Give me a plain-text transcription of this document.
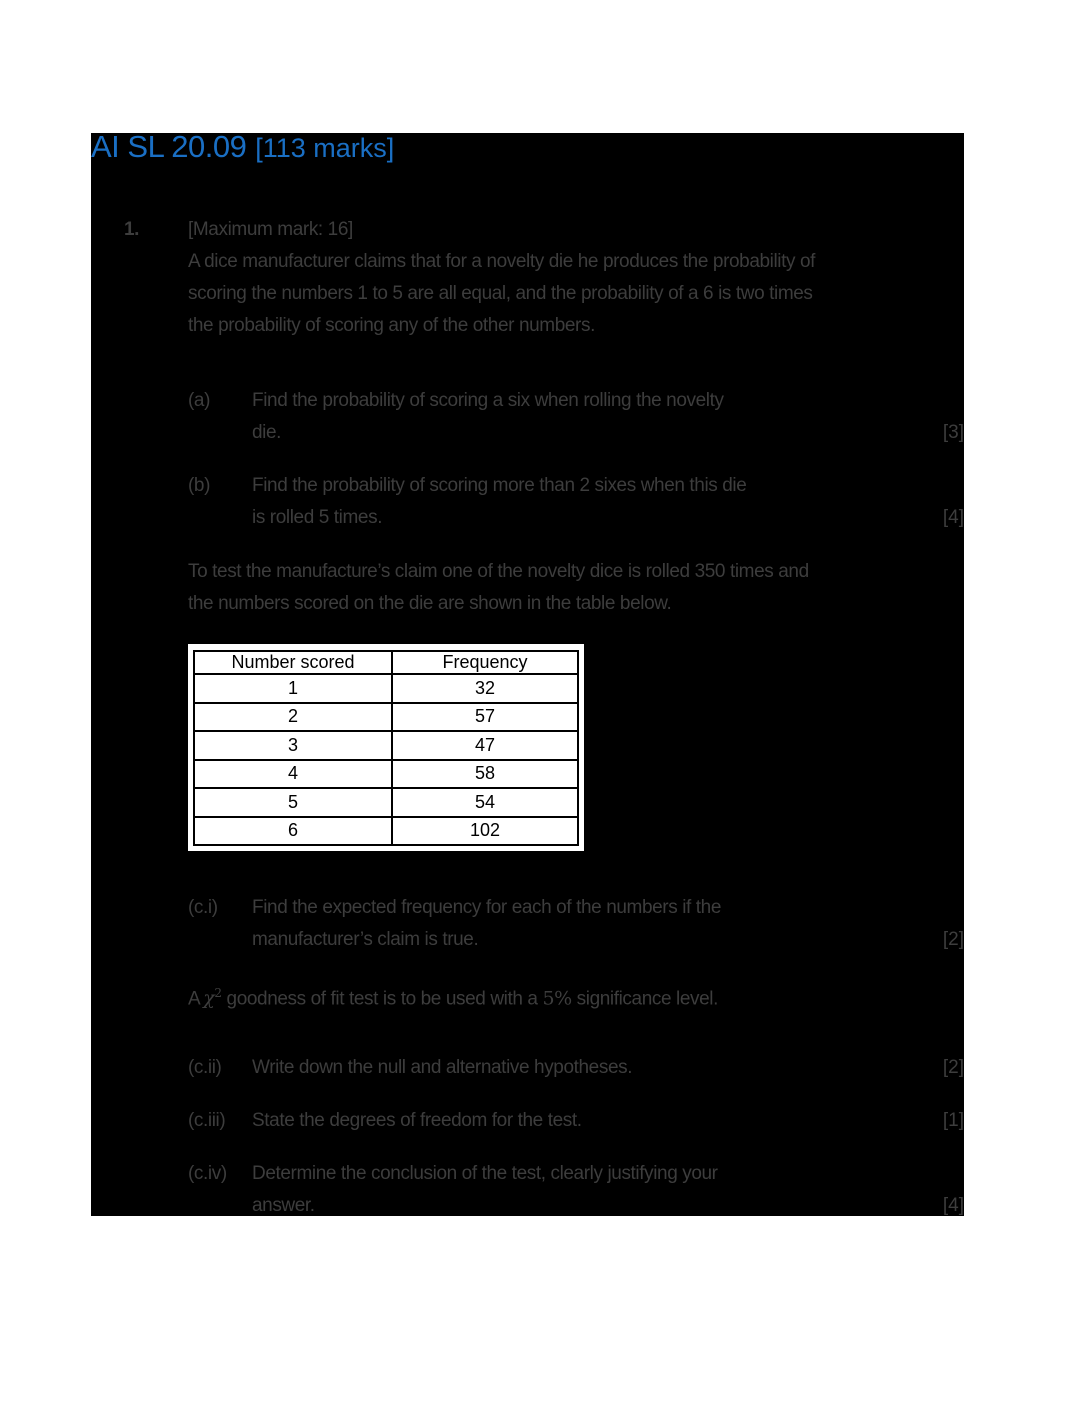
AI SL 20.09 [113 marks]

1.	[Maximum mark: 16]

A dice manufacturer claims that for a novelty die he produces the probability of

scoring the numbers 1 to 5 are all equal, and the probability of a 6 is two times

the probability of scoring any of the other numbers.

(a) Find the probability of scoring a six when rolling the novelty

die.	[3]

(b) Find the probability of scoring more than 2 sixes when this die

is rolled 5 times.	[4]

To test the manufacture’s claim one of the novelty dice is rolled 350 times and

the numbers scored on the die are shown in the table below.

Number scored	Frequency
1	32
2	57
3	47
4	58
5	54
6	102

(c.i) Find the expected frequency for each of the numbers if the

manufacturer’s claim is true.	[2]

A $\chi^2$ goodness of fit test is to be used with a 5% significance level.

(c.ii) Write down the null and alternative hypotheses.	[2]

(c.iii) State the degrees of freedom for the test.	[1]

(c.iv) Determine the conclusion of the test, clearly justifying your

answer.	[4]
